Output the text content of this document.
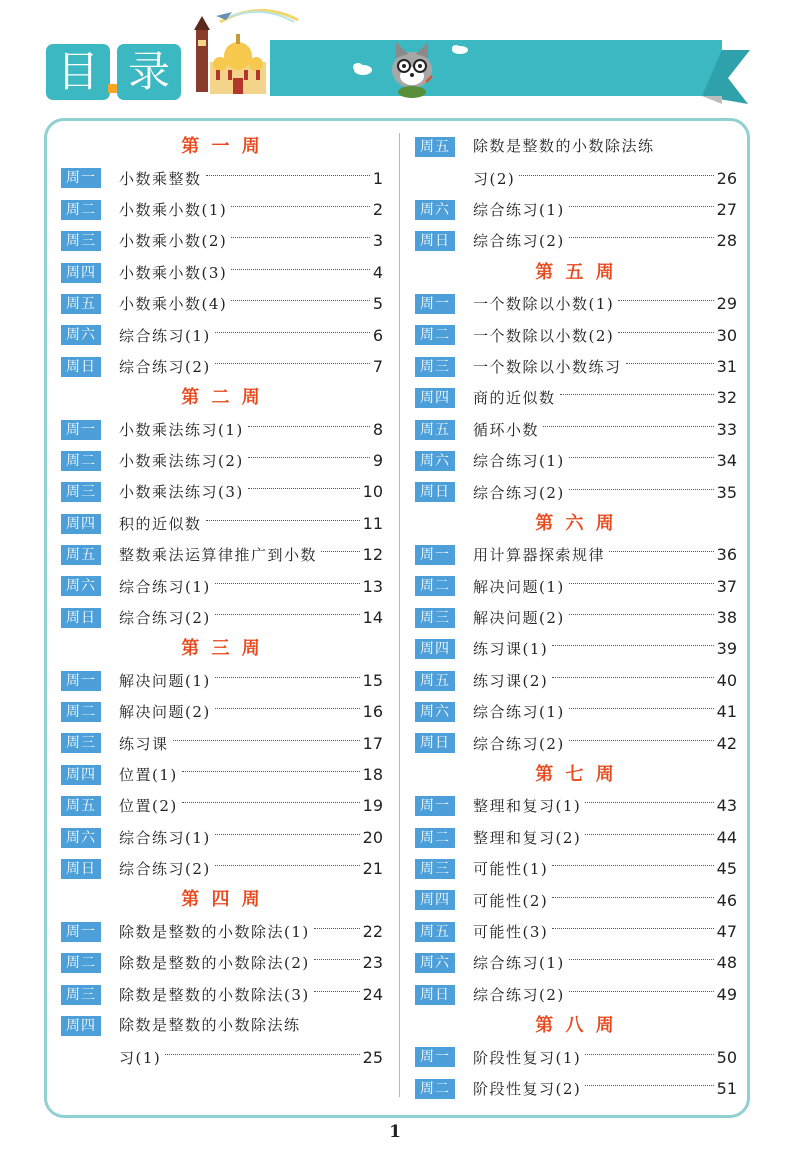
目 录
第 一 周
周一	小数乘整数	1
周二	小数乘小数(1)	2
周三	小数乘小数(2)	3
周四	小数乘小数(3)	4
周五	小数乘小数(4)	5
周六	综合练习(1)	6
周日	综合练习(2)	7
第 二 周
周一	小数乘法练习(1)	8
周二	小数乘法练习(2)	9
周三	小数乘法练习(3)	10
周四	积的近似数	11
周五	整数乘法运算律推广到小数	12
周六	综合练习(1)	13
周日	综合练习(2)	14
第 三 周
周一	解决问题(1)	15
周二	解决问题(2)	16
周三	练习课	17
周四	位置(1)	18
周五	位置(2)	19
周六	综合练习(1)	20
周日	综合练习(2)	21
第 四 周
周一	除数是整数的小数除法(1)	22
周二	除数是整数的小数除法(2)	23
周三	除数是整数的小数除法(3)	24
周四	除数是整数的小数除法练
习(1)	25
周五	除数是整数的小数除法练
习(2)	26
周六	综合练习(1)	27
周日	综合练习(2)	28
第 五 周
周一	一个数除以小数(1)	29
周二	一个数除以小数(2)	30
周三	一个数除以小数练习	31
周四	商的近似数	32
周五	循环小数	33
周六	综合练习(1)	34
周日	综合练习(2)	35
第 六 周
周一	用计算器探索规律	36
周二	解决问题(1)	37
周三	解决问题(2)	38
周四	练习课(1)	39
周五	练习课(2)	40
周六	综合练习(1)	41
周日	综合练习(2)	42
第 七 周
周一	整理和复习(1)	43
周二	整理和复习(2)	44
周三	可能性(1)	45
周四	可能性(2)	46
周五	可能性(3)	47
周六	综合练习(1)	48
周日	综合练习(2)	49
第 八 周
周一	阶段性复习(1)	50
周二	阶段性复习(2)	51
1
